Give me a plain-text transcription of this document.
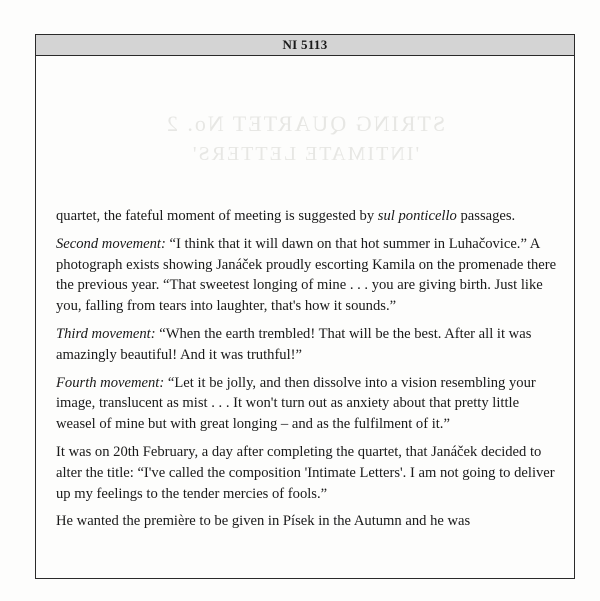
NI 5113
STRING QUARTET No. 2
'INTIMATE LETTERS'

quartet, the fateful moment of meeting is suggested by sul ponticello passages.

Second movement: “I think that it will dawn on that hot summer in Luhačovice.” A photograph exists showing Janáček proudly escorting Kamila on the promenade there the previous year. “That sweetest longing of mine . . . you are giving birth. Just like you, falling from tears into laughter, that's how it sounds.”

Third movement: “When the earth trembled! That will be the best. After all it was amazingly beautiful! And it was truthful!”

Fourth movement: “Let it be jolly, and then dissolve into a vision resembling your image, translucent as mist . . . It won't turn out as anxiety about that pretty little weasel of mine but with great longing – and as the fulfilment of it.”

It was on 20th February, a day after completing the quartet, that Janáček decided to alter the title: “I've called the composition 'Intimate Letters'. I am not going to deliver up my feelings to the tender mercies of fools.”

He wanted the première to be given in Písek in the Autumn and he was
